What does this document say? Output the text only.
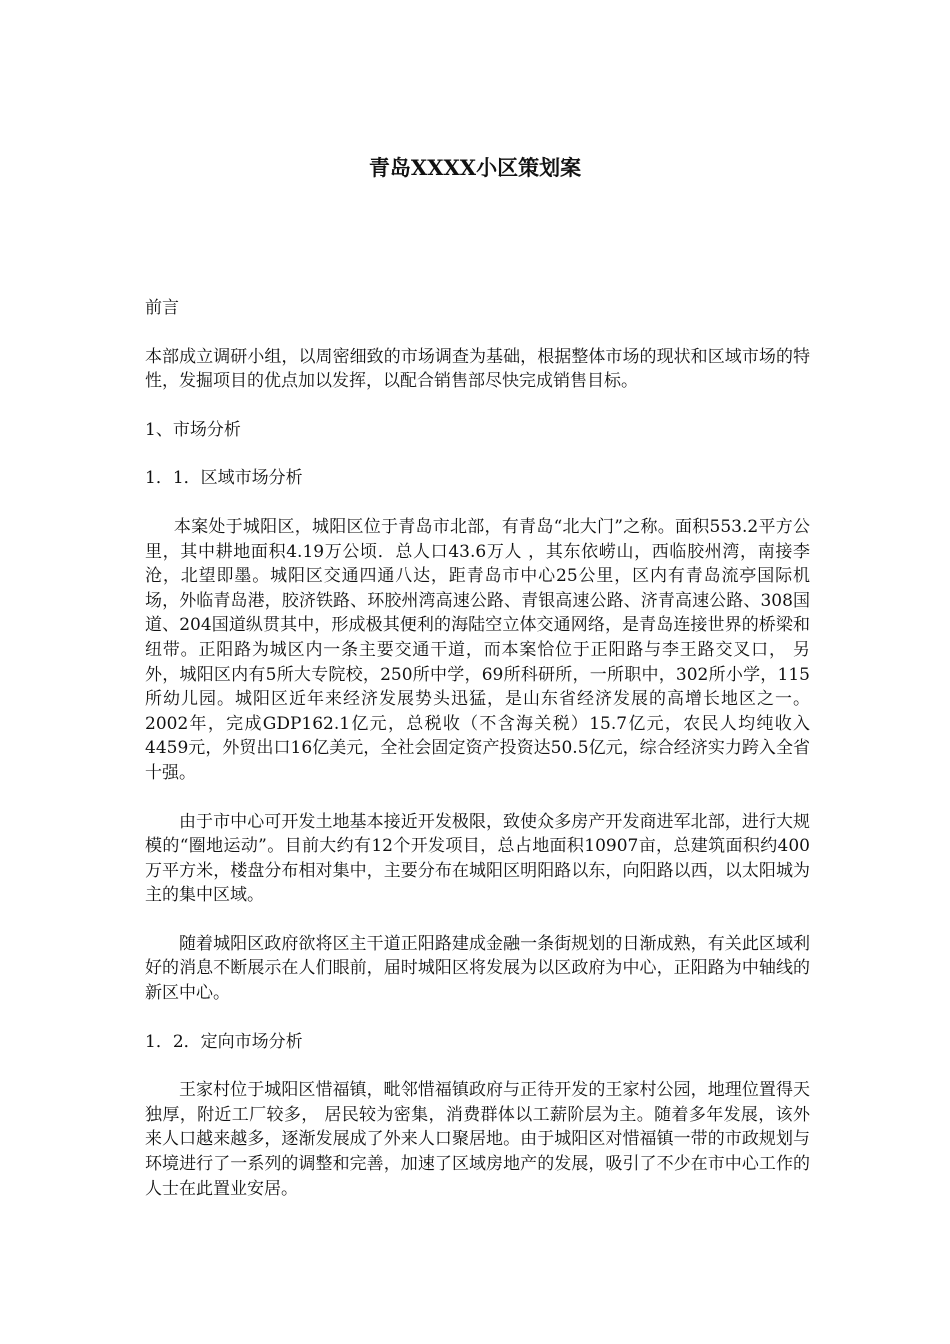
青岛XXXX小区策划案

前言

本部成立调研小组，以周密细致的市场调查为基础，根据整体市场的现状和区域市场的特性，发掘项目的优点加以发挥，以配合销售部尽快完成销售目标。

1、市场分析

1．1．区域市场分析

本案处于城阳区，城阳区位于青岛市北部，有青岛“北大门”之称。面积553.2平方公里，其中耕地面积4.19万公顷．总人口43.6万人 ，其东依崂山，西临胶州湾，南接李沧，北望即墨。城阳区交通四通八达，距青岛市中心25公里，区内有青岛流亭国际机场，外临青岛港，胶济铁路、环胶州湾高速公路、青银高速公路、济青高速公路、308国道、204国道纵贯其中，形成极其便利的海陆空立体交通网络，是青岛连接世界的桥梁和纽带。正阳路为城区内一条主要交通干道，而本案恰位于正阳路与李王路交叉口， 另外，城阳区内有5所大专院校，250所中学，69所科研所，一所职中，302所小学，115所幼儿园。城阳区近年来经济发展势头迅猛，是山东省经济发展的高增长地区之一。2002年，完成GDP162.1亿元，总税收（不含海关税）15.7亿元，农民人均纯收入4459元，外贸出口16亿美元，全社会固定资产投资达50.5亿元，综合经济实力跨入全省十强。

由于市中心可开发土地基本接近开发极限，致使众多房产开发商进军北部，进行大规模的“圈地运动”。目前大约有12个开发项目，总占地面积10907亩，总建筑面积约400万平方米，楼盘分布相对集中，主要分布在城阳区明阳路以东，向阳路以西，以太阳城为主的集中区域。

随着城阳区政府欲将区主干道正阳路建成金融一条街规划的日渐成熟，有关此区域利好的消息不断展示在人们眼前，届时城阳区将发展为以区政府为中心，正阳路为中轴线的新区中心。

1．2．定向市场分析

王家村位于城阳区惜福镇，毗邻惜福镇政府与正待开发的王家村公园，地理位置得天独厚，附近工厂较多， 居民较为密集，消费群体以工薪阶层为主。随着多年发展，该外来人口越来越多，逐渐发展成了外来人口聚居地。由于城阳区对惜福镇一带的市政规划与环境进行了一系列的调整和完善，加速了区域房地产的发展，吸引了不少在市中心工作的人士在此置业安居。
